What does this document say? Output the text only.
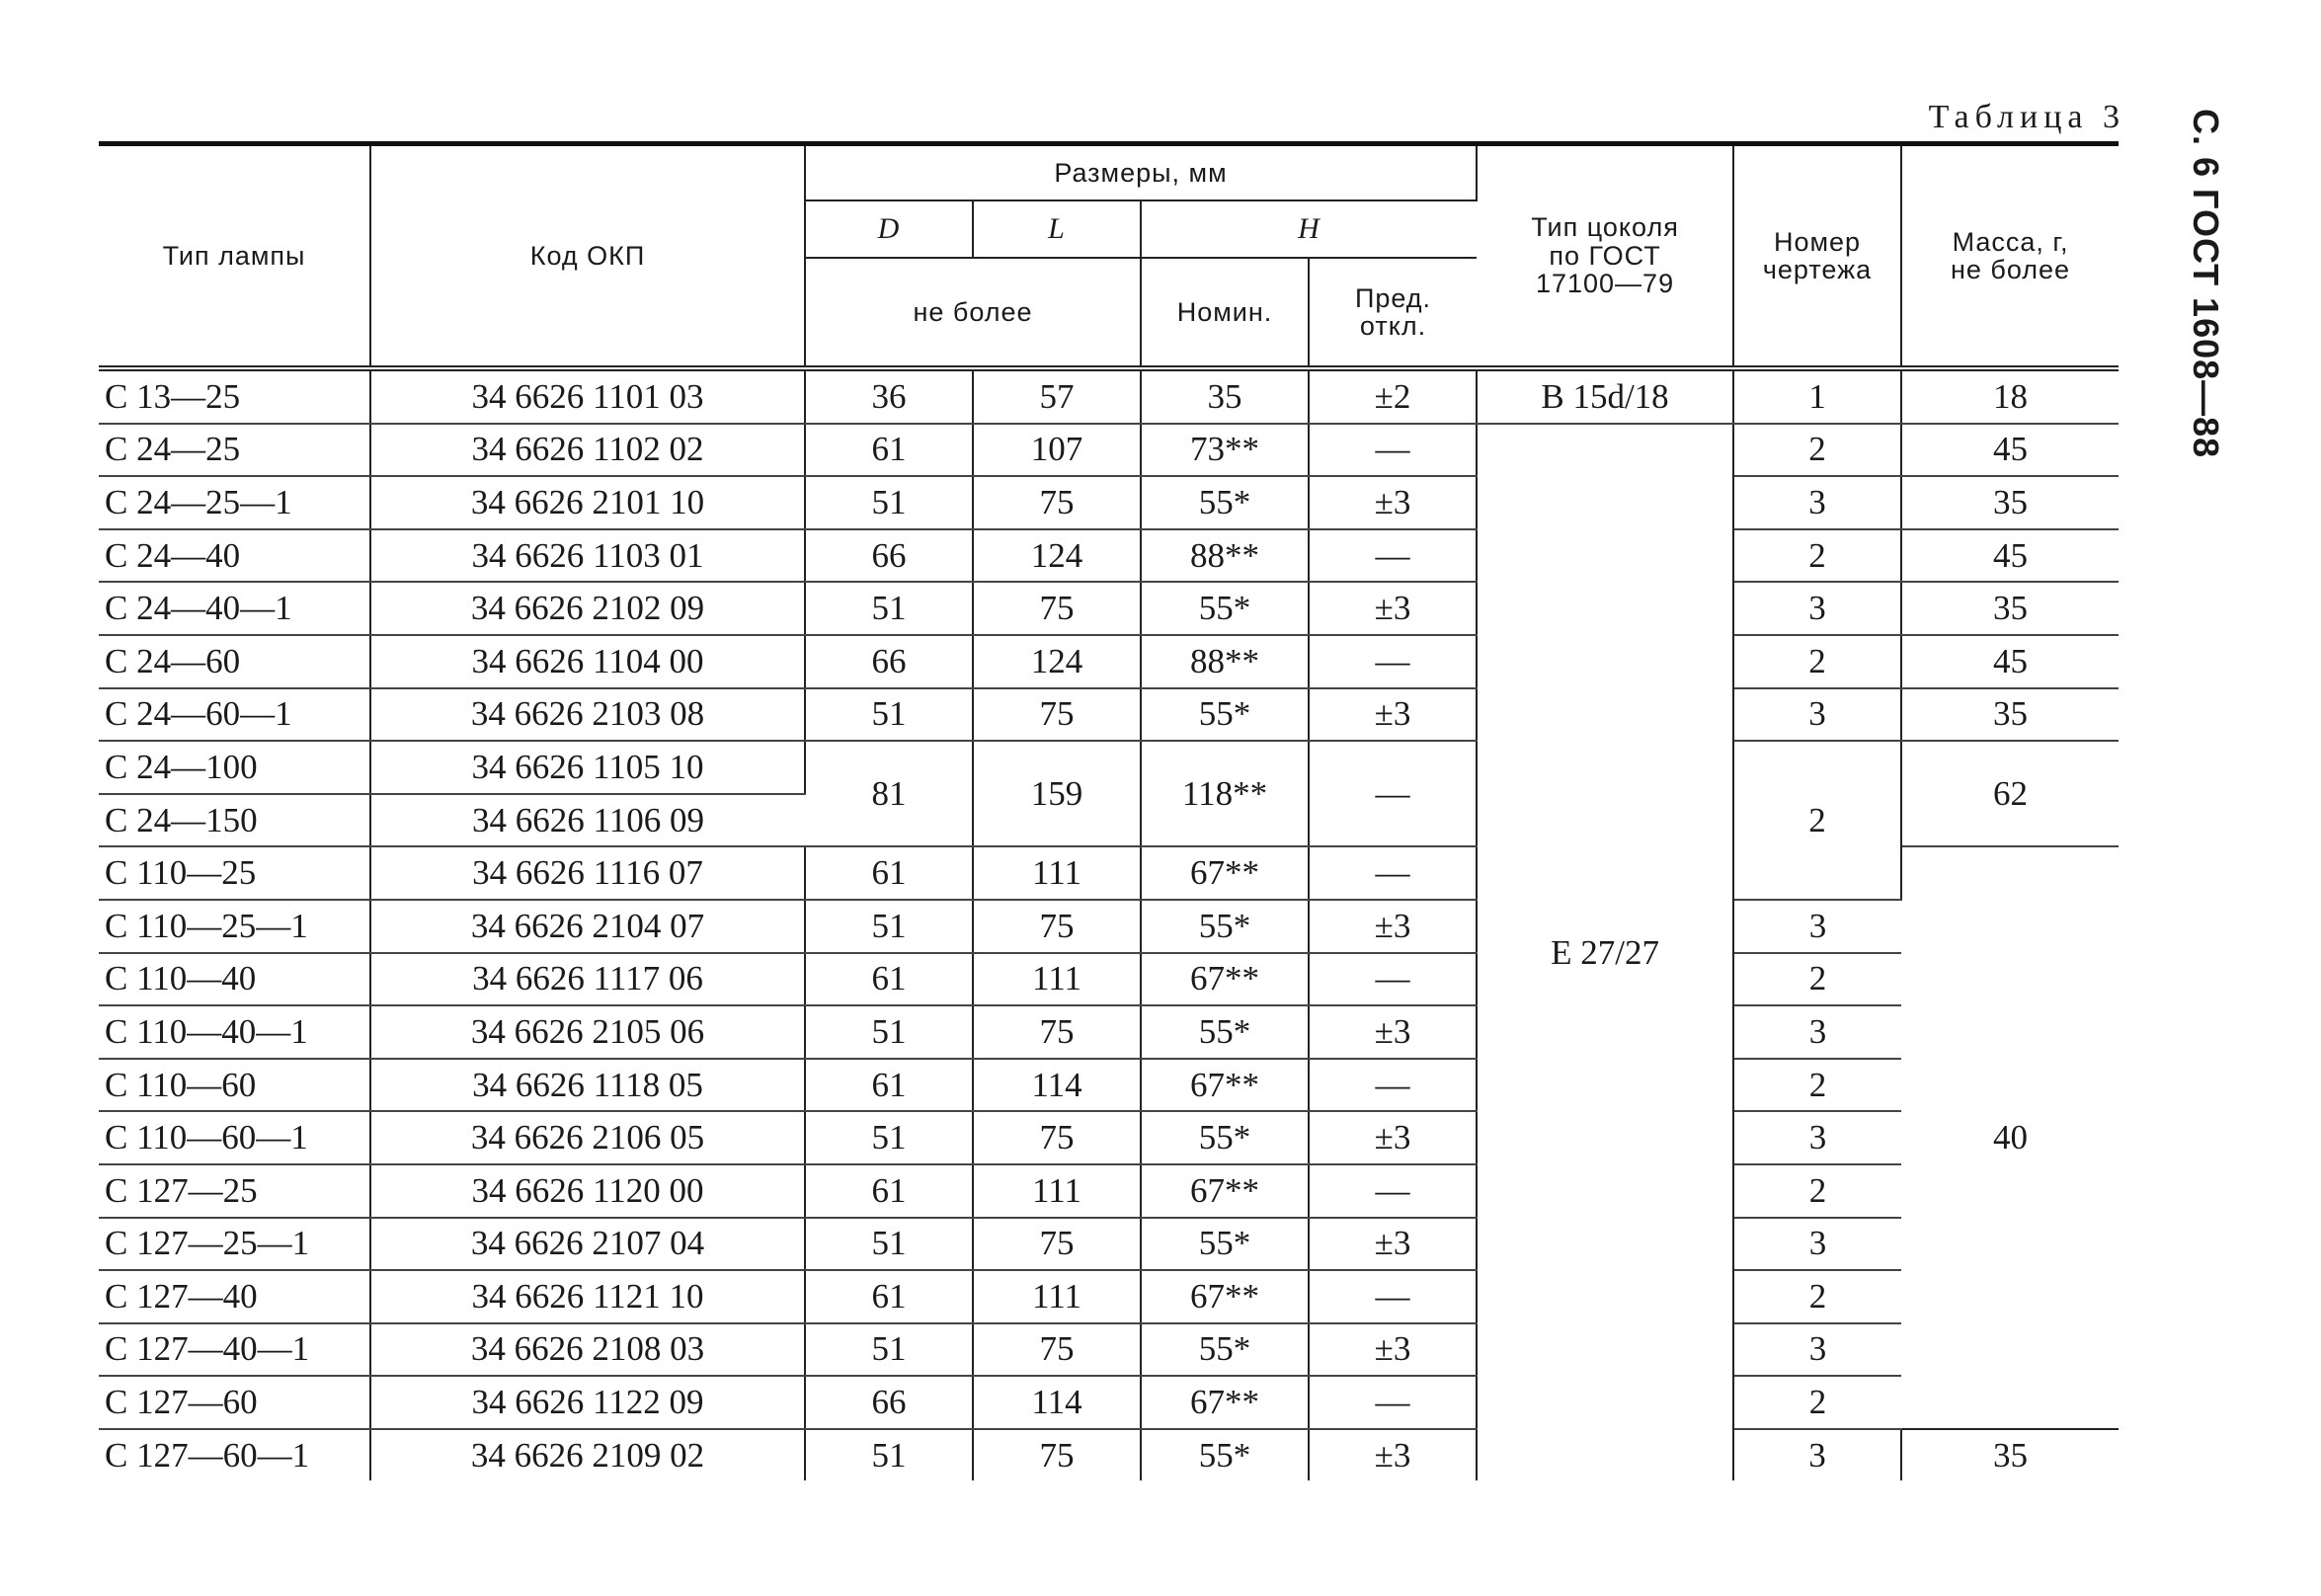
С. 6 ГОСТ 1608—88
Таблица 3
Тип лампы	Код ОКП	Размеры, мм				Тип цоколя
по ГОСТ
17100—79	Номер
чертежа	Масса, г,
не более
		D	L	H				
		не более		Номин.	Пред.
откл.			
С 13—25	34 6626 1101 03	36	57	35	±2	B 15d/18	1	18
С 24—25	34 6626 1102 02	61	107	73**	—	E 27/27	2	45
С 24—25—1	34 6626 2101 10	51	75	55*	±3		3	35
С 24—40	34 6626 1103 01	66	124	88**	—		2	45
С 24—40—1	34 6626 2102 09	51	75	55*	±3		3	35
С 24—60	34 6626 1104 00	66	124	88**	—		2	45
С 24—60—1	34 6626 2103 08	51	75	55*	±3		3	35
С 24—100	34 6626 1105 10	81	159	118**	—		2	62
С 24—150	34 6626 1106 09							
С 110—25	34 6626 1116 07	61	111	67**	—			40
С 110—25—1	34 6626 2104 07	51	75	55*	±3		3	
С 110—40	34 6626 1117 06	61	111	67**	—		2	
С 110—40—1	34 6626 2105 06	51	75	55*	±3		3	
С 110—60	34 6626 1118 05	61	114	67**	—		2	
С 110—60—1	34 6626 2106 05	51	75	55*	±3		3	
С 127—25	34 6626 1120 00	61	111	67**	—		2	
С 127—25—1	34 6626 2107 04	51	75	55*	±3		3	
С 127—40	34 6626 1121 10	61	111	67**	—		2	
С 127—40—1	34 6626 2108 03	51	75	55*	±3		3	
С 127—60	34 6626 1122 09	66	114	67**	—		2	
С 127—60—1	34 6626 2109 02	51	75	55*	±3		3	35
